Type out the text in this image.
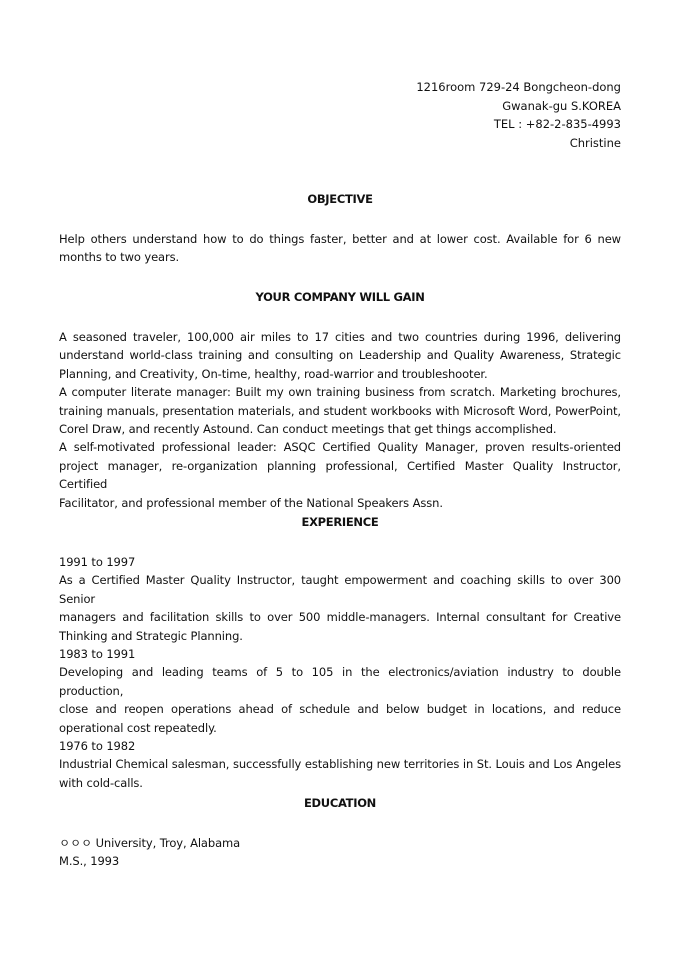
1216room 729-24 Bongcheon-dong
Gwanak-gu S.KOREA
TEL : +82-2-835-4993
Christine
OBJECTIVE
Help others understand how to do things faster, better and at lower cost. Available for 6 new
months to two years.
YOUR COMPANY WILL GAIN
A seasoned traveler, 100,000 air miles to 17 cities and two countries during 1996, delivering
understand world-class training and consulting on Leadership and Quality Awareness, Strategic
Planning, and Creativity, On-time, healthy, road-warrior and troubleshooter.
A computer literate manager: Built my own training business from scratch. Marketing brochures,
training manuals, presentation materials, and student workbooks with Microsoft Word, PowerPoint,
Corel Draw, and recently Astound. Can conduct meetings that get things accomplished.
A self-motivated professional leader: ASQC Certified Quality Manager, proven results-oriented
project manager, re-organization planning professional, Certified Master Quality Instructor, Certified
Facilitator, and professional member of the National Speakers Assn.
EXPERIENCE
1991 to 1997
As a Certified Master Quality Instructor, taught empowerment and coaching skills to over 300 Senior
managers and facilitation skills to over 500 middle-managers. Internal consultant for Creative
Thinking and Strategic Planning.
1983 to 1991
Developing and leading teams of 5 to 105 in the electronics/aviation industry to double production,
close and reopen operations ahead of schedule and below budget in locations, and reduce
operational cost repeatedly.
1976 to 1982
Industrial Chemical salesman, successfully establishing new territories in St. Louis and Los Angeles
with cold-calls.
EDUCATION
ㅇㅇㅇ University, Troy, Alabama
M.S., 1993
